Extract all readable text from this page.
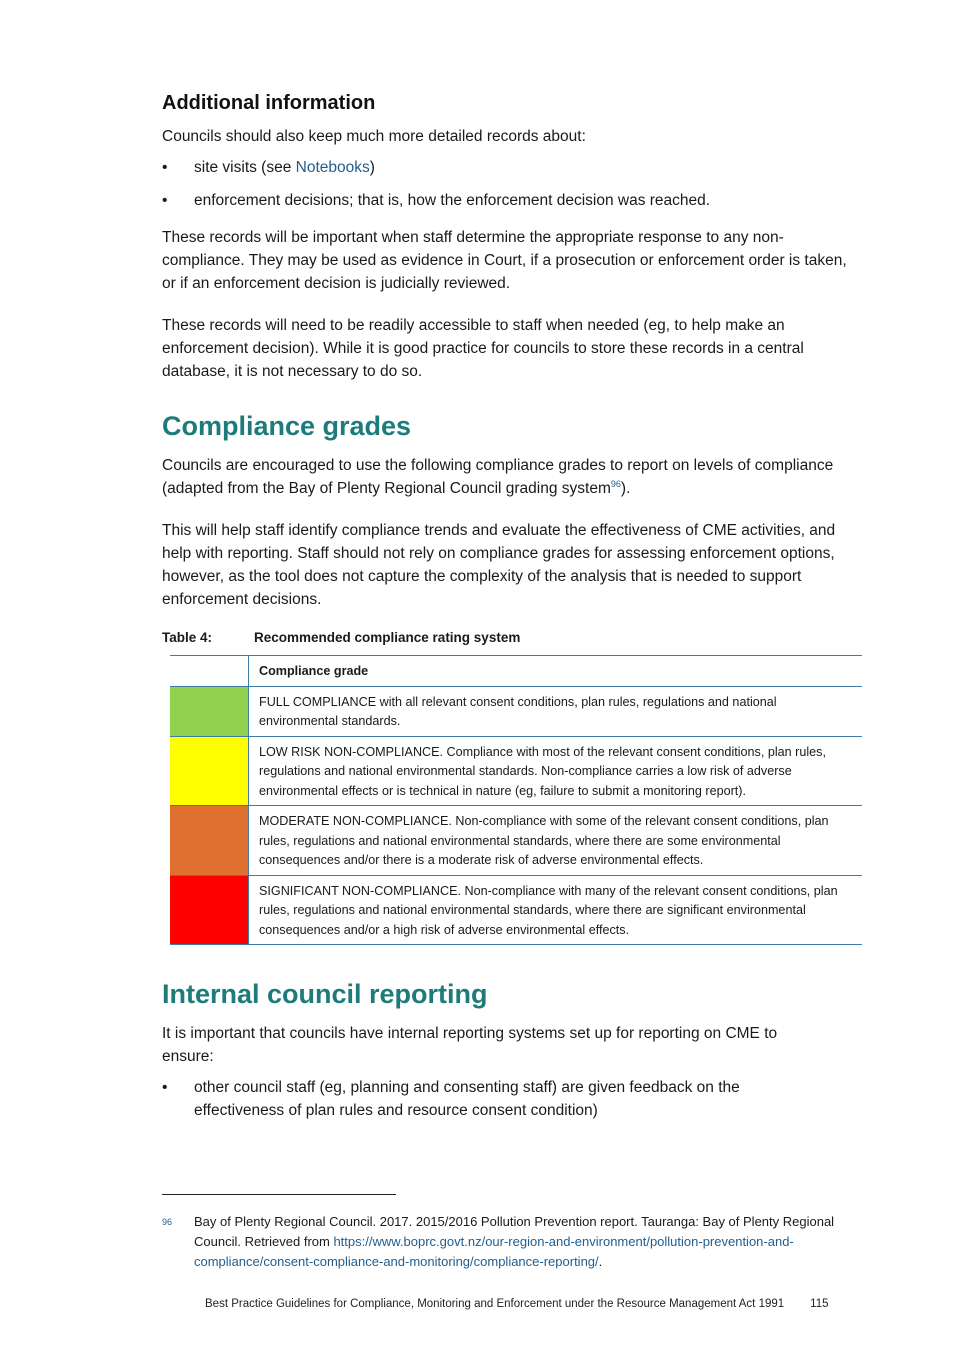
Additional information

Councils should also keep much more detailed records about:

• site visits (see Notebooks)
• enforcement decisions; that is, how the enforcement decision was reached.

These records will be important when staff determine the appropriate response to any non-compliance. They may be used as evidence in Court, if a prosecution or enforcement order is taken, or if an enforcement decision is judicially reviewed.

These records will need to be readily accessible to staff when needed (eg, to help make an enforcement decision). While it is good practice for councils to store these records in a central database, it is not necessary to do so.

Compliance grades

Councils are encouraged to use the following compliance grades to report on levels of compliance (adapted from the Bay of Plenty Regional Council grading system$^{96}$).

This will help staff identify compliance trends and evaluate the effectiveness of CME activities, and help with reporting. Staff should not rely on compliance grades for assessing enforcement options, however, as the tool does not capture the complexity of the analysis that is needed to support enforcement decisions.

Table 4:	Recommended compliance rating system
	Compliance grade
	FULL COMPLIANCE with all relevant consent conditions, plan rules, regulations and national environmental standards.
	LOW RISK NON-COMPLIANCE. Compliance with most of the relevant consent conditions, plan rules, regulations and national environmental standards. Non-compliance carries a low risk of adverse environmental effects or is technical in nature (eg, failure to submit a monitoring report).
	MODERATE NON-COMPLIANCE. Non-compliance with some of the relevant consent conditions, plan rules, regulations and national environmental standards, where there are some environmental consequences and/or there is a moderate risk of adverse environmental effects.
	SIGNIFICANT NON-COMPLIANCE. Non-compliance with many of the relevant consent conditions, plan rules, regulations and national environmental standards, where there are significant environmental consequences and/or a high risk of adverse environmental effects.
Internal council reporting

It is important that councils have internal reporting systems set up for reporting on CME to ensure:

• other council staff (eg, planning and consenting staff) are given feedback on the effectiveness of plan rules and resource consent condition)
96	Bay of Plenty Regional Council. 2017. 2015/2016 Pollution Prevention report. Tauranga: Bay of Plenty Regional Council. Retrieved from https://www.boprc.govt.nz/our-region-and-environment/pollution-prevention-and-compliance/consent-compliance-and-monitoring/compliance-reporting/.
Best Practice Guidelines for Compliance, Monitoring and Enforcement under the Resource Management Act 1991 115
